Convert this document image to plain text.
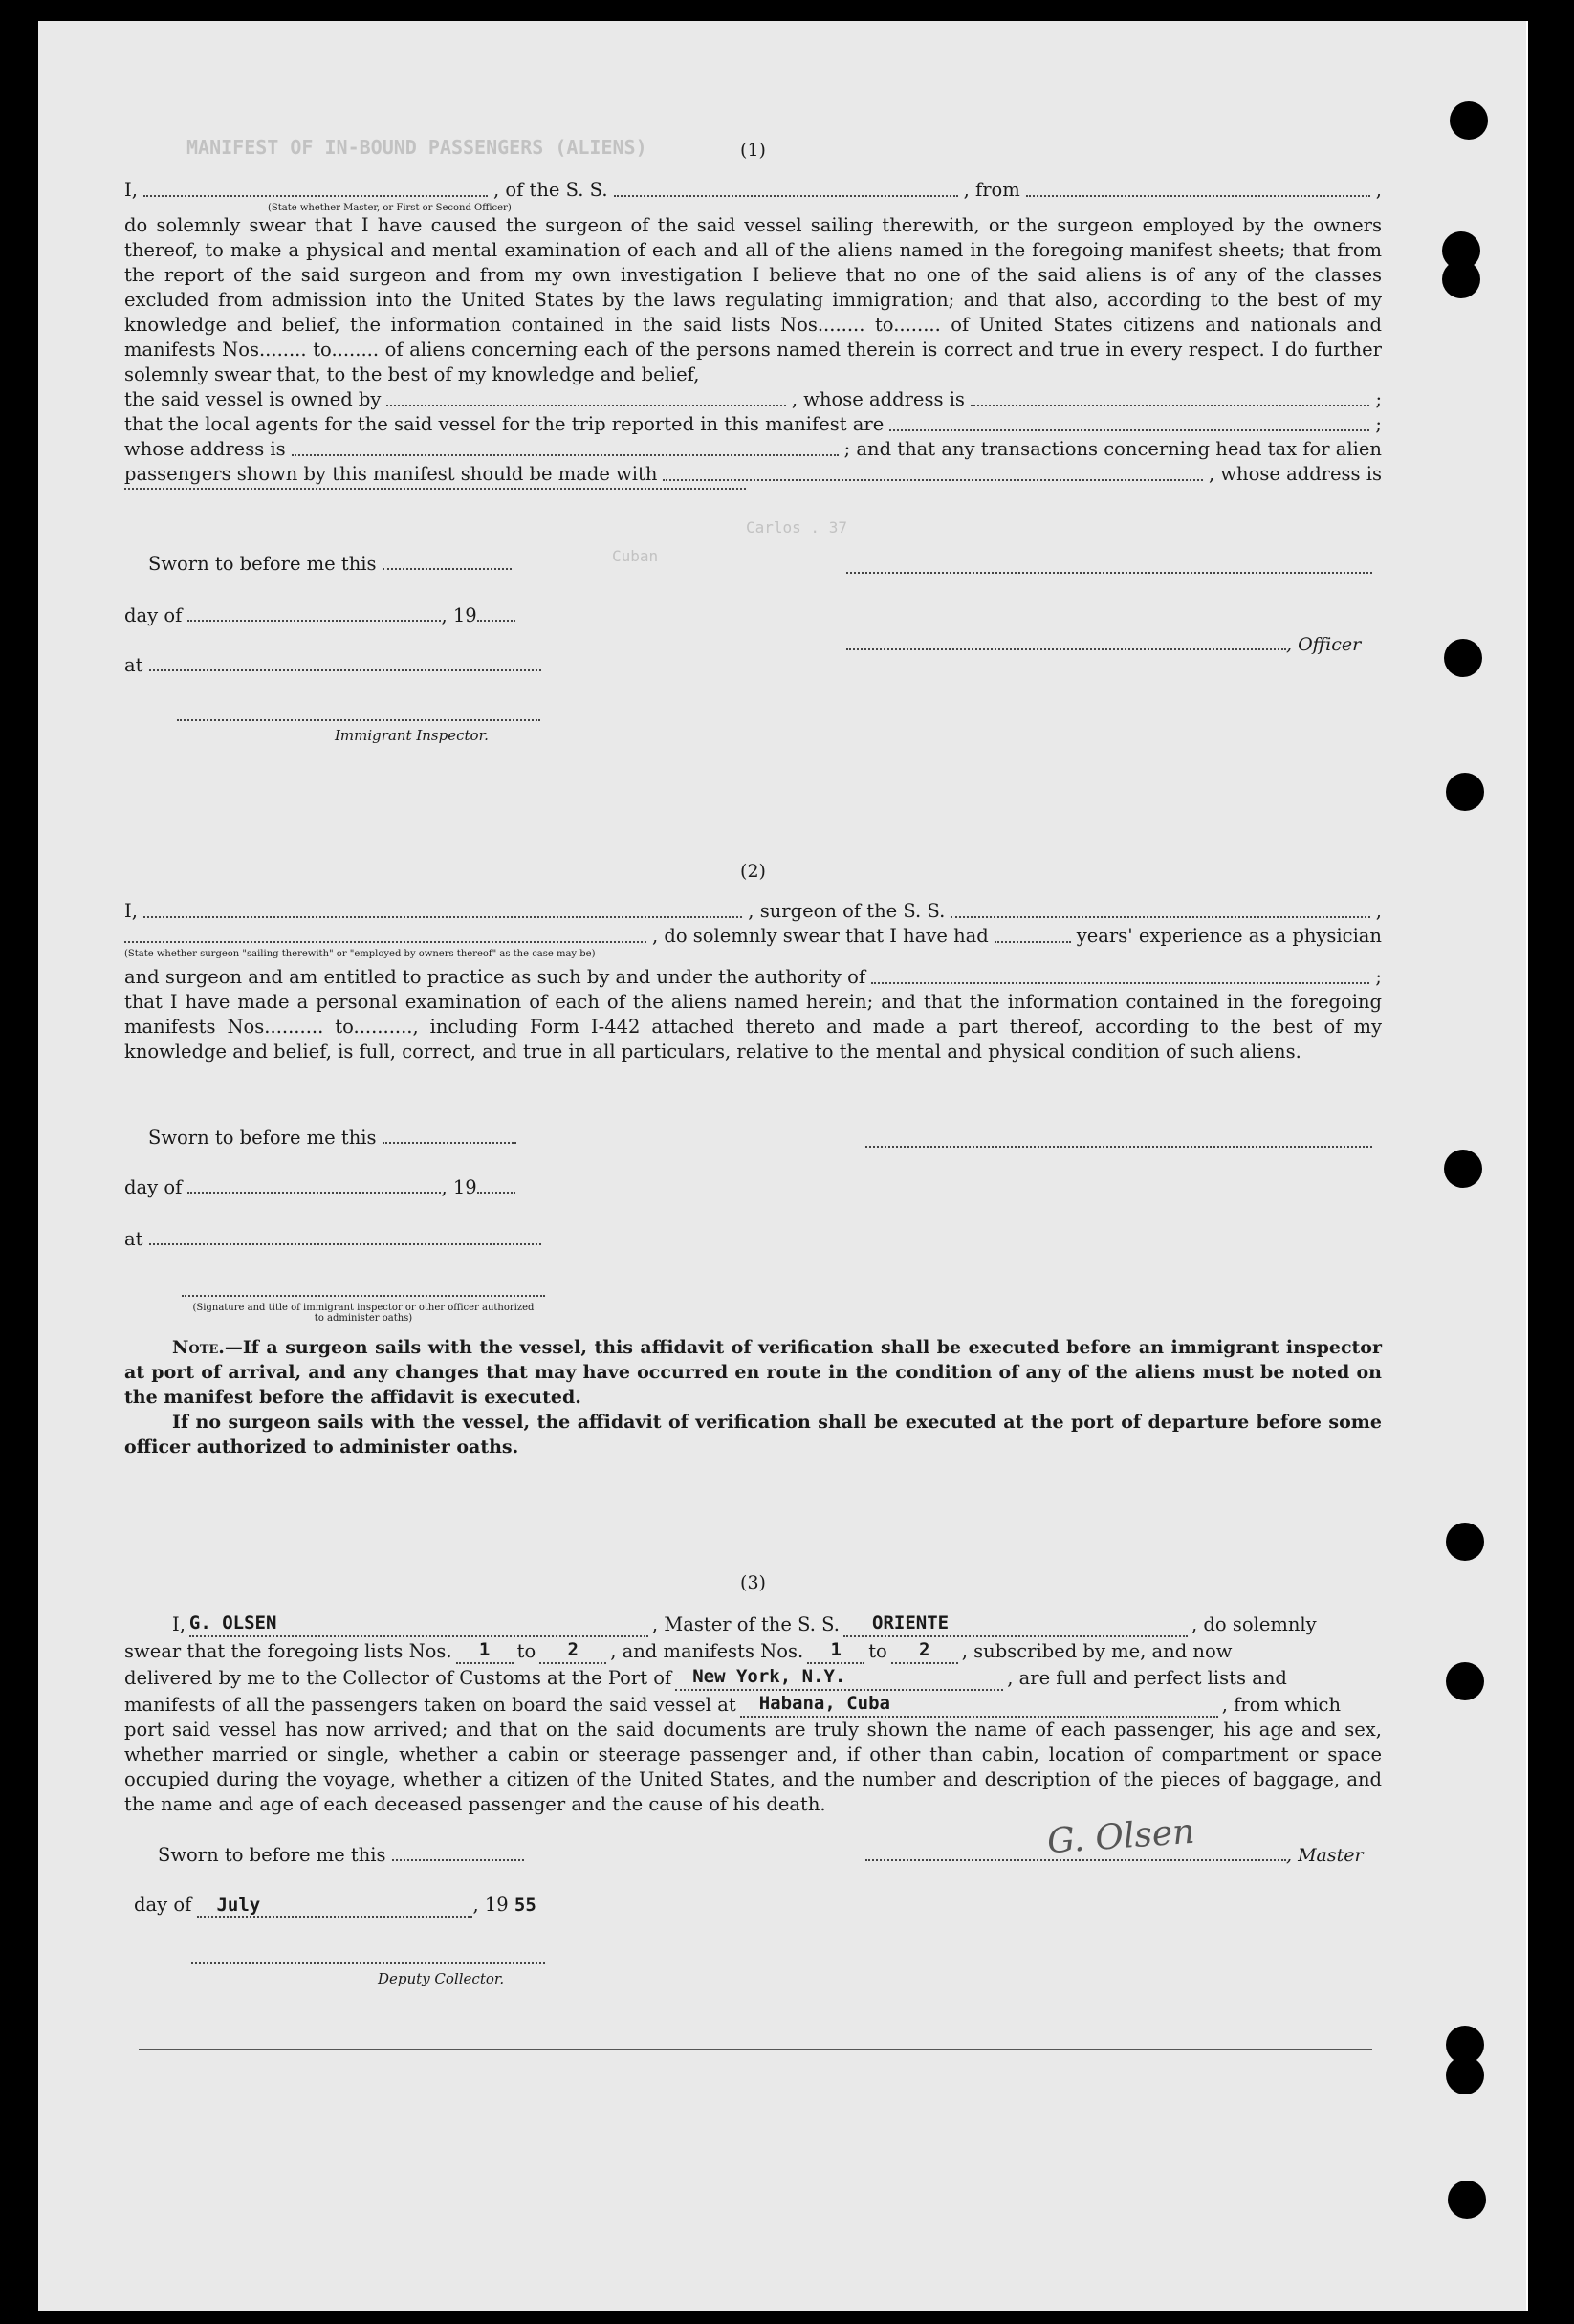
MANIFEST OF IN-BOUND PASSENGERS (ALIENS)
Carlos . 37
Cuban
(1)
I,	, of the S. S.	, from	,
(State whether Master, or First or Second Officer)
do solemnly swear that I have caused the surgeon of the said vessel sailing therewith, or the surgeon employed by the owners thereof, to make a physical and mental examination of each and all of the aliens named in the foregoing manifest sheets; that from the report of the said surgeon and from my own investigation I believe that no one of the said aliens is of any of the classes excluded from admission into the United States by the laws regulating immigration; and that also, according to the best of my knowledge and belief, the information contained in the said lists Nos........ to........ of United States citizens and nationals and manifests Nos........ to........ of aliens concerning each of the persons named therein is correct and true in every respect. I do further solemnly swear that, to the best of my knowledge and belief,
the said vessel is owned by	, whose address is	;
that the local agents for the said vessel for the trip reported in this manifest are	;
whose address is	; and that any transactions concerning head tax for alien
passengers shown by this manifest should be made with	, whose address is
Sworn to before me this
day of	, 19
at
, Officer
Immigrant Inspector.
(2)
I,	, surgeon of the S. S.	,
, do solemnly swear that I have had	years' experience as a physician
(State whether surgeon "sailing therewith" or "employed by owners thereof" as the case may be)
and surgeon and am entitled to practice as such by and under the authority of	;
that I have made a personal examination of each of the aliens named herein; and that the information contained in the foregoing manifests Nos.......... to.........., including Form I-442 attached thereto and made a part thereof, according to the best of my knowledge and belief, is full, correct, and true in all particulars, relative to the mental and physical condition of such aliens.
Sworn to before me this
day of	, 19
at
(Signature and title of immigrant inspector or other officer authorized to administer oaths)
Note.—If a surgeon sails with the vessel, this affidavit of verification shall be executed before an immigrant inspector at port of arrival, and any changes that may have occurred en route in the condition of any of the aliens must be noted on the manifest before the affidavit is executed.
If no surgeon sails with the vessel, the affidavit of verification shall be executed at the port of departure before some officer authorized to administer oaths.
(3)
I, G. OLSEN	, Master of the S. S.	ORIENTE	, do solemnly
swear that the foregoing lists Nos.	1	to	2	, and manifests Nos.	1	to	2	, subscribed by me, and now
delivered by me to the Collector of Customs at the Port of	New York, N.Y.	, are full and perfect lists and
manifests of all the passengers taken on board the said vessel at	Habana, Cuba	, from which
port said vessel has now arrived; and that on the said documents are truly shown the name of each passenger, his age and sex, whether married or single, whether a cabin or steerage passenger and, if other than cabin, location of compartment or space occupied during the voyage, whether a citizen of the United States, and the number and description of the pieces of baggage, and the name and age of each deceased passenger and the cause of his death.
Sworn to before me this	, Master
G. Olsen
day of July	, 19 55
Deputy Collector.
